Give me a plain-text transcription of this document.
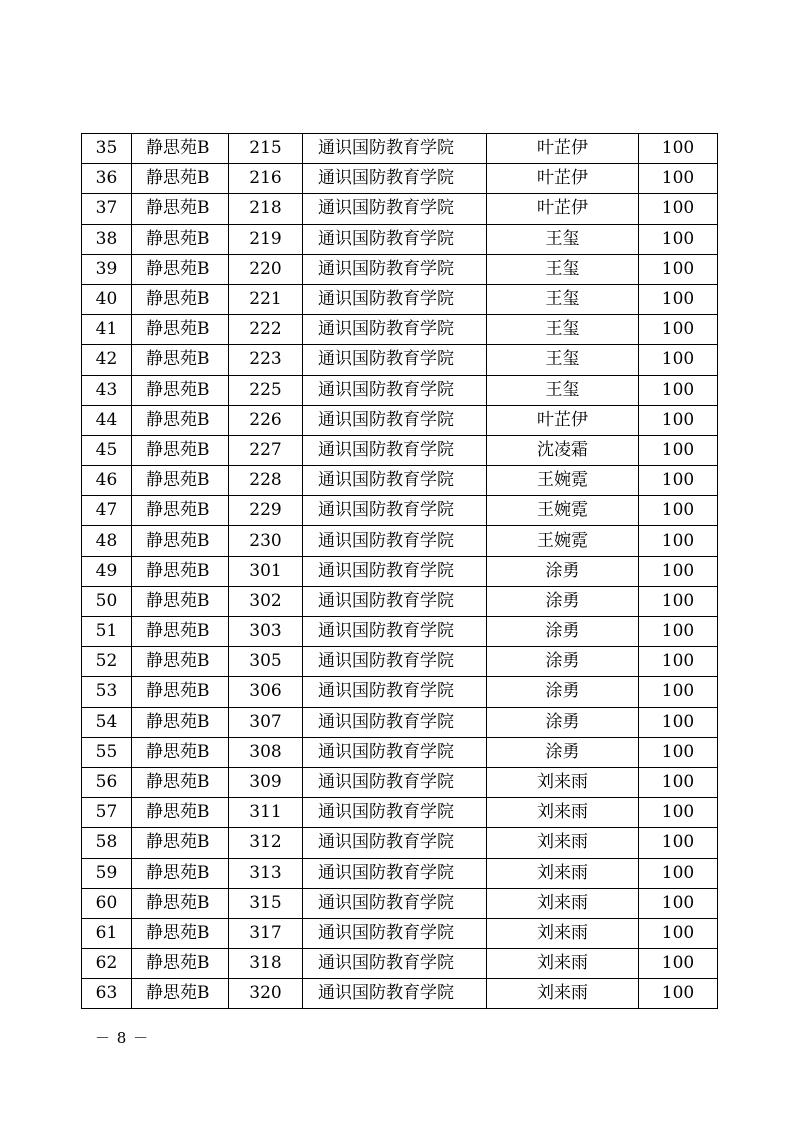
35	静思苑B	215	通识国防教育学院	叶芷伊	100
36	静思苑B	216	通识国防教育学院	叶芷伊	100
37	静思苑B	218	通识国防教育学院	叶芷伊	100
38	静思苑B	219	通识国防教育学院	王玺	100
39	静思苑B	220	通识国防教育学院	王玺	100
40	静思苑B	221	通识国防教育学院	王玺	100
41	静思苑B	222	通识国防教育学院	王玺	100
42	静思苑B	223	通识国防教育学院	王玺	100
43	静思苑B	225	通识国防教育学院	王玺	100
44	静思苑B	226	通识国防教育学院	叶芷伊	100
45	静思苑B	227	通识国防教育学院	沈凌霜	100
46	静思苑B	228	通识国防教育学院	王婉霓	100
47	静思苑B	229	通识国防教育学院	王婉霓	100
48	静思苑B	230	通识国防教育学院	王婉霓	100
49	静思苑B	301	通识国防教育学院	涂勇	100
50	静思苑B	302	通识国防教育学院	涂勇	100
51	静思苑B	303	通识国防教育学院	涂勇	100
52	静思苑B	305	通识国防教育学院	涂勇	100
53	静思苑B	306	通识国防教育学院	涂勇	100
54	静思苑B	307	通识国防教育学院	涂勇	100
55	静思苑B	308	通识国防教育学院	涂勇	100
56	静思苑B	309	通识国防教育学院	刘来雨	100
57	静思苑B	311	通识国防教育学院	刘来雨	100
58	静思苑B	312	通识国防教育学院	刘来雨	100
59	静思苑B	313	通识国防教育学院	刘来雨	100
60	静思苑B	315	通识国防教育学院	刘来雨	100
61	静思苑B	317	通识国防教育学院	刘来雨	100
62	静思苑B	318	通识国防教育学院	刘来雨	100
63	静思苑B	320	通识国防教育学院	刘来雨	100
－ 8 －
